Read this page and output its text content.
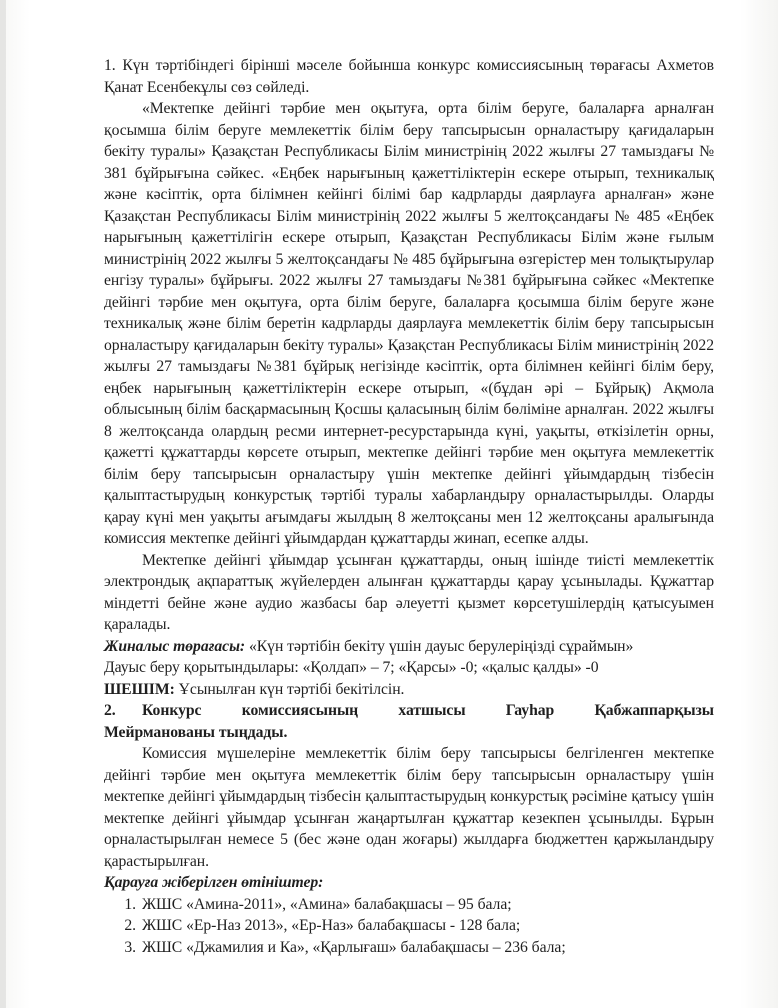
1. Күн тәртібіндегі бірінші мәселе бойынша конкурс комиссиясының төрағасы Ахметов Қанат Есенбекұлы сөз сөйледі.

«Мектепке дейінгі тәрбие мен оқытуға, орта білім беруге, балаларға арналған қосымша білім беруге мемлекеттік білім беру тапсырысын орналастыру қағидаларын бекіту туралы» Қазақстан Республикасы Білім министрінің 2022 жылғы 27 тамыздағы № 381 бұйрығына сәйкес. «Еңбек нарығының қажеттіліктерін ескере отырып, техникалық және кәсіптік, орта білімнен кейінгі білімі бар кадрларды даярлауға арналған» және Қазақстан Республикасы Білім министрінің 2022 жылғы 5 желтоқсандағы № 485 «Еңбек нарығының қажеттілігін ескере отырып, Қазақстан Республикасы Білім және ғылым министрінің 2022 жылғы 5 желтоқсандағы № 485 бұйрығына өзгерістер мен толықтырулар енгізу туралы» бұйрығы. 2022 жылғы 27 тамыздағы №381 бұйрығына сәйкес «Мектепке дейінгі тәрбие мен оқытуға, орта білім беруге, балаларға қосымша білім беруге және техникалық және білім беретін кадрларды даярлауға мемлекеттік білім беру тапсырысын орналастыру қағидаларын бекіту туралы» Қазақстан Республикасы Білім министрінің 2022 жылғы 27 тамыздағы №381 бұйрық негізінде кәсіптік, орта білімнен кейінгі білім беру, еңбек нарығының қажеттіліктерін ескере отырып, «(бұдан әрі – Бұйрық) Ақмола облысының білім басқармасының Қосшы қаласының білім бөліміне арналған. 2022 жылғы 8 желтоқсанда олардың ресми интернет-ресурстарында күні, уақыты, өткізілетін орны, қажетті құжаттарды көрсете отырып, мектепке дейінгі тәрбие мен оқытуға мемлекеттік білім беру тапсырысын орналастыру үшін мектепке дейінгі ұйымдардың тізбесін қалыптастырудың конкурстық тәртібі туралы хабарландыру орналастырылды. Оларды қарау күні мен уақыты ағымдағы жылдың 8 желтоқсаны мен 12 желтоқсаны аралығында комиссия мектепке дейінгі ұйымдардан құжаттарды жинап, есепке алды.

Мектепке дейінгі ұйымдар ұсынған құжаттарды, оның ішінде тиісті мемлекеттік электрондық ақпараттық жүйелерден алынған құжаттарды қарау ұсынылады. Құжаттар міндетті бейне және аудио жазбасы бар әлеуетті қызмет көрсетушілердің қатысуымен қаралады.

Жиналыс төрағасы: «Күн тәртібін бекіту үшін дауыс берулеріңізді сұраймын»

Дауыс беру қорытындылары: «Қолдап» – 7; «Қарсы» -0; «қалыс қалды» -0

ШЕШІМ: Ұсынылған күн тәртібі бекітілсін.

2.	Конкурс комиссиясының хатшысы Гауһар Қабжаппарқызы

Мейрманованы тыңдады.

Комиссия мүшелеріне мемлекеттік білім беру тапсырысы белгіленген мектепке дейінгі тәрбие мен оқытуға мемлекеттік білім беру тапсырысын орналастыру үшін мектепке дейінгі ұйымдардың тізбесін қалыптастырудың конкурстық рәсіміне қатысу үшін мектепке дейінгі ұйымдар ұсынған жаңартылған құжаттар кезекпен ұсынылды. Бұрын орналастырылған немесе 5 (бес және одан жоғары) жылдарға бюджеттен қаржыландыру қарастырылған.

Қарауға жіберілген өтініштер:

1. ЖШС «Амина-2011», «Амина» балабақшасы – 95 бала;
2. ЖШС «Ер-Наз 2013», «Ер-Наз» балабақшасы - 128 бала;
3. ЖШС «Джамилия и Ка», «Қарлығаш» балабақшасы – 236 бала;
